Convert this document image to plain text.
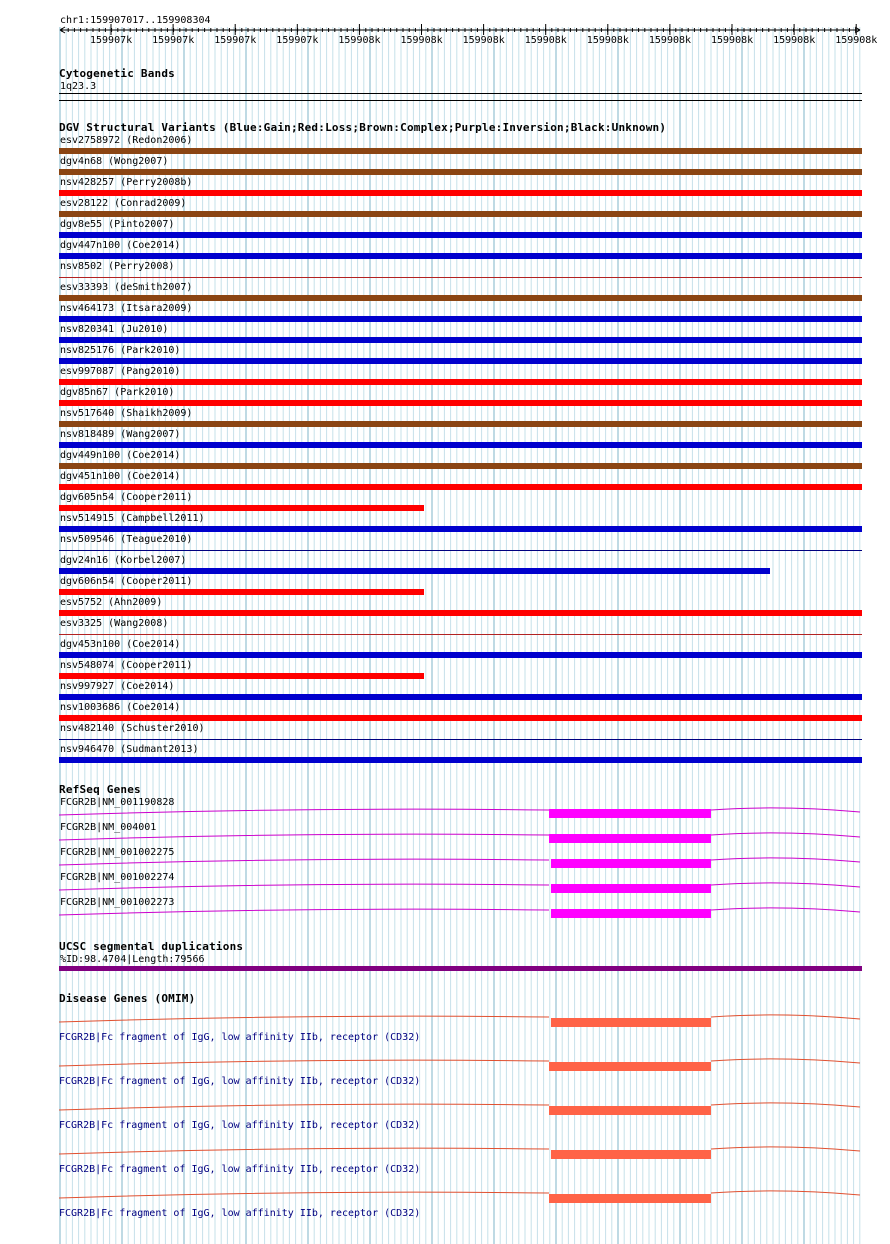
chr1:159907017..159908304
159907k 159907k 159907k 159907k 159908k 159908k 159908k 159908k 159908k 159908k 159908k 159908k 159908k
Cytogenetic Bands
1q23.3
DGV Structural Variants (Blue:Gain;Red:Loss;Brown:Complex;Purple:Inversion;Black:Unknown)
esv2758972 (Redon2006)
dgv4n68 (Wong2007)
nsv428257 (Perry2008b)
esv28122 (Conrad2009)
dgv8e55 (Pinto2007)
dgv447n100 (Coe2014)
nsv8502 (Perry2008)
esv33393 (deSmith2007)
nsv464173 (Itsara2009)
nsv820341 (Ju2010)
nsv825176 (Park2010)
esv997087 (Pang2010)
dgv85n67 (Park2010)
nsv517640 (Shaikh2009)
nsv818489 (Wang2007)
dgv449n100 (Coe2014)
dgv451n100 (Coe2014)
dgv605n54 (Cooper2011)
nsv514915 (Campbell2011)
nsv509546 (Teague2010)
dgv24n16 (Korbel2007)
dgv606n54 (Cooper2011)
esv5752 (Ahn2009)
esv3325 (Wang2008)
dgv453n100 (Coe2014)
nsv548074 (Cooper2011)
nsv997927 (Coe2014)
nsv1003686 (Coe2014)
nsv482140 (Schuster2010)
nsv946470 (Sudmant2013)
RefSeq Genes
FCGR2B|NM_001190828
FCGR2B|NM_004001
FCGR2B|NM_001002275
FCGR2B|NM_001002274
FCGR2B|NM_001002273
UCSC segmental duplications
%ID:98.4704|Length:79566
Disease Genes (OMIM)
FCGR2B|Fc fragment of IgG, low affinity IIb, receptor (CD32)
FCGR2B|Fc fragment of IgG, low affinity IIb, receptor (CD32)
FCGR2B|Fc fragment of IgG, low affinity IIb, receptor (CD32)
FCGR2B|Fc fragment of IgG, low affinity IIb, receptor (CD32)
FCGR2B|Fc fragment of IgG, low affinity IIb, receptor (CD32)
